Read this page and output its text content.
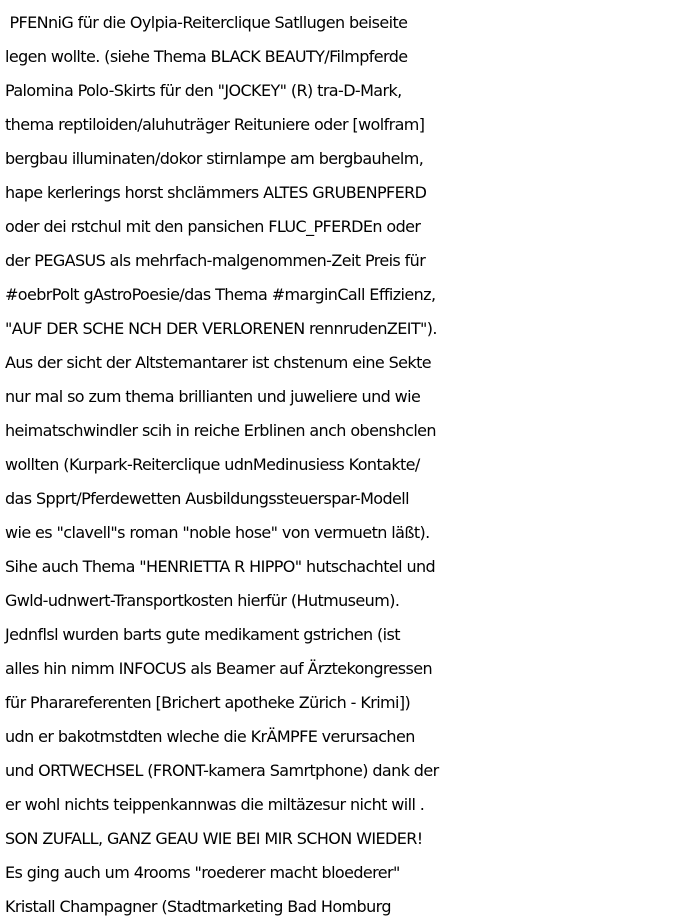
PFENniG für die Oylpia-Reiterclique Satllugen beiseite
legen wollte. (siehe Thema BLACK BEAUTY/Filmpferde
Palomina Polo-Skirts für den "JOCKEY" (R) tra-D-Mark,
thema reptiloiden/aluhuträger Reituniere oder [wolfram]
bergbau illuminaten/dokor stirnlampe am bergbauhelm,
hape kerlerings horst shclämmers ALTES GRUBENPFERD
oder dei rstchul mit den pansichen FLUC_PFERDEn oder
der PEGASUS als mehrfach-malgenommen-Zeit Preis für
#oebrPolt gAstroPoesie/das Thema #marginCall Effizienz,
"AUF DER SCHE NCH DER VERLORENEN rennrudenZEIT").
Aus der sicht der Altstemantarer ist chstenum eine Sekte
nur mal so zum thema brillianten und juweliere und wie
heimatschwindler scih in reiche Erblinen anch obenshclen
wollten (Kurpark-Reiterclique udnMedinusiess Kontakte/
das Spprt/Pferdewetten Ausbildungssteuerspar-Modell
wie es "clavell"s roman "noble hose" von vermuetn läßt).
Sihe auch Thema "HENRIETTA R HIPPO" hutschachtel und
Gwld-udnwert-Transportkosten hierfür (Hutmuseum).
Jednflsl wurden barts gute medikament gstrichen (ist
alles hin nimm INFOCUS als Beamer auf Ärztekongressen
für Pharareferenten [Brichert apotheke Zürich - Krimi])
udn er bakotmstdten wleche die KrÄMPFE verursachen
und ORTWECHSEL (FRONT-kamera Samrtphone) dank der
er wohl nichts teippenkannwas die miltäzesur nicht will .
SON ZUFALL, GANZ GEAU WIE BEI MIR SCHON WIEDER!
Es ging auch um 4rooms "roederer macht bloederer"
Kristall Champagner (Stadtmarketing Bad Homburg
